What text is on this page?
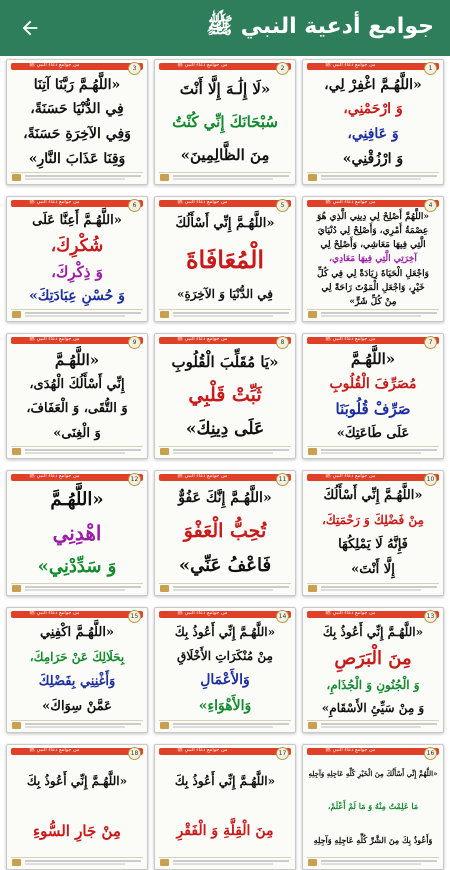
جوامع أدعية النبي ﷺ
من جوامع دعاء النبي ﷺ	3
«اللَّهُـمَّ رَبَّنَا آتِنَا
فِي الدُّنْيَا حَسَنَةً،
وَفِي الآخِرَةِ حَسَنَةً،
وَقِنَا عَذَابَ النَّارِ»
من جوامع دعاء النبي ﷺ	2
«لَا إِلَٰـهَ إِلَّا أَنْتَ
سُبْحَانَكَ إِنِّي كُنْتُ
مِنَ الظَّالِمِينَ»
من جوامع دعاء النبي ﷺ	1
«اللَّهُـمَّ اغْفِرْ لِي،
وَ ارْحَمْنِي،
وَ عَافِنِي،
وَ ارْزُقْنِي»
من جوامع دعاء النبي ﷺ	6
«اللَّهُـمَّ أَعِنَّا عَلَى
شُكْرِكَ،
وَ ذِكْرِكَ،
وَ حُسْنِ عِبَادَتِكَ»
من جوامع دعاء النبي ﷺ	5
«اللَّهُـمَّ إِنِّي أَسْأَلُكَ
الْمُعَافَاةَ
فِي الدُّنْيَا وَ الآخِرَةِ»
من جوامع دعاء النبي ﷺ	4
«اللَّهُمَّ أَصْلِحْ لِي دِينِي الَّذِي هُوَ
عِصْمَةُ أَمْرِي، وَأَصْلِحْ لِي دُنْيَايَ
الَّتِي فِيهَا مَعَاشِي، وَأَصْلِحْ لِي
آخِرَتِي الَّتِي فِيهَا مَعَادِي،
وَاجْعَلِ الْحَيَاةَ زِيَادَةً لِي فِي كُلِّ
خَيْرٍ، وَاجْعَلِ الْمَوْتَ رَاحَةً لِي
مِنْ كُلِّ شَرٍّ»
من جوامع دعاء النبي ﷺ	9
«اللَّهُـمَّ
إِنِّي أَسْأَلُكَ الْهُدَى،
وَ التُّقَى، وَ الْعَفَافَ،
وَ الْغِنَى»
من جوامع دعاء النبي ﷺ	8
«يَا مُقَلِّبَ الْقُلُوبِ
ثَبِّتْ قَلْبِي
عَلَى دِينِكَ»
من جوامع دعاء النبي ﷺ	7
«اللَّهُـمَّ
مُصَرِّفَ الْقُلُوبِ
صَرِّفْ قُلُوبَنَا
عَلَى طَاعَتِكَ»
من جوامع دعاء النبي ﷺ	12
«اللَّهُـمَّ
اهْدِنِي
وَ سَدِّدْنِي»
من جوامع دعاء النبي ﷺ	11
«اللَّهُـمَّ إِنَّكَ عَفُوٌّ
تُحِبُّ الْعَفْوَ
فَاعْفُ عَنِّي»
من جوامع دعاء النبي ﷺ	10
«اللَّهُـمَّ إِنِّي أَسْأَلُكَ
مِنْ فَضْلِكَ وَ رَحْمَتِكَ،
فَإِنَّهُ لَا يَمْلِكُهَا
إِلَّا أَنْتَ»
من جوامع دعاء النبي ﷺ	15
«اللَّهُـمَّ اكْفِنِي
بِحَلَالِكَ عَنْ حَرَامِكَ،
وَأَغْنِنِي بِفَضْلِكَ
عَمَّنْ سِوَاكَ»
من جوامع دعاء النبي ﷺ	14
«اللَّهُـمَّ إِنِّي أَعُوذُ بِكَ
مِنْ مُنْكَرَاتِ الأَخْلَاقِ
وَالأَعْمَالِ
وَالأَهْوَاءِ»
من جوامع دعاء النبي ﷺ	13
«اللَّهُـمَّ إِنِّي أَعُوذُ بِكَ
مِنَ الْبَرَصِ
وَ الْجُنُونِ وَ الْجُذَامِ،
وَ مِنْ سَيِّئِ الأَسْقَامِ»
من جوامع دعاء النبي ﷺ	18
«اللَّهُـمَّ إِنِّي أَعُوذُ بِكَ
مِنْ جَارِ السُّوءِ
من جوامع دعاء النبي ﷺ	17
«اللَّهُـمَّ إِنِّي أَعُوذُ بِكَ
مِنَ الْقِلَّةِ وَ الْفَقْرِ
من جوامع دعاء النبي ﷺ	16
«اللَّهُمَّ إِنِّي أَسْأَلُكَ مِنَ الْخَيْرِ كُلِّهِ عَاجِلِهِ وَآجِلِهِ
مَا عَلِمْتُ مِنْهُ وَ مَا لَمْ أَعْلَمْ،
وَأَعُوذُ بِكَ مِنَ الشَّرِّ كُلِّهِ عَاجِلِهِ وَآجِلِهِ
